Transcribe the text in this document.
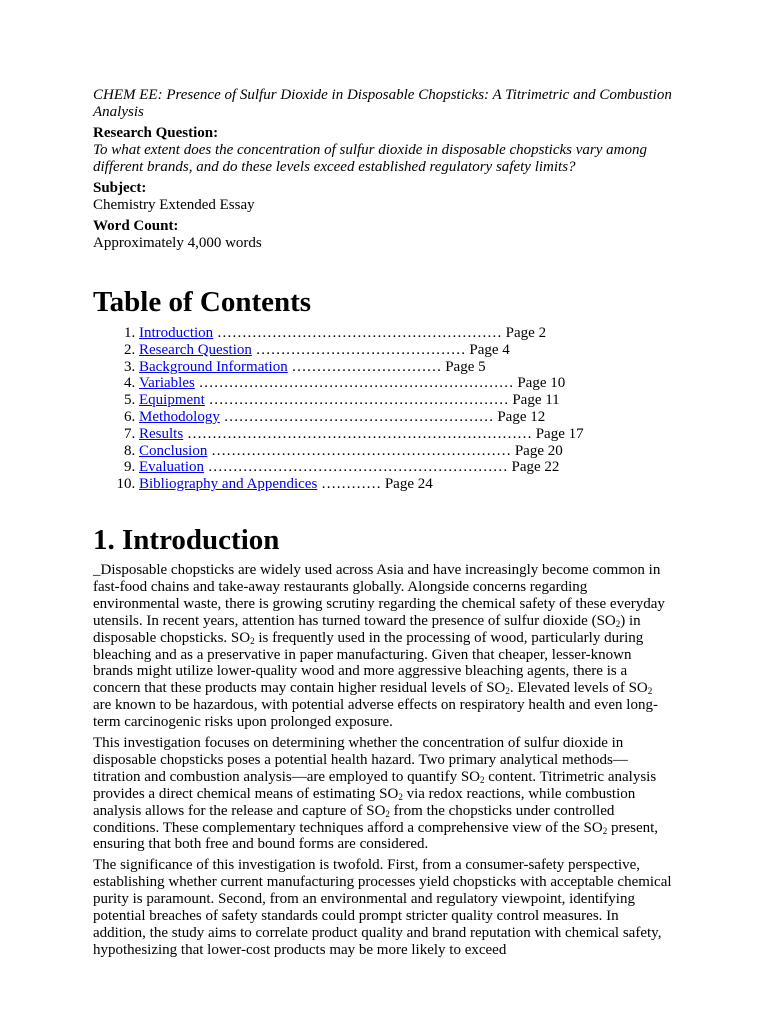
CHEM EE: Presence of Sulfur Dioxide in Disposable Chopsticks: A Titrimetric and Combustion Analysis
Research Question:
To what extent does the concentration of sulfur dioxide in disposable chopsticks vary among different brands, and do these levels exceed established regulatory safety limits?
Subject:
Chemistry Extended Essay
Word Count:
Approximately 4,000 words
Table of Contents
1. Introduction ………………………………………………… Page 2
2. Research Question …………………………………… Page 4
3. Background Information ………………………… Page 5
4. Variables ……………………………………………………… Page 10
5. Equipment …………………………………………………… Page 11
6. Methodology ……………………………………………… Page 12
7. Results …………………………………………………………… Page 17
8. Conclusion …………………………………………………… Page 20
9. Evaluation …………………………………………………… Page 22
10. Bibliography and Appendices ………… Page 24
1. Introduction

_Disposable chopsticks are widely used across Asia and have increasingly become common in fast-food chains and take-away restaurants globally. Alongside concerns regarding environmental waste, there is growing scrutiny regarding the chemical safety of these everyday utensils. In recent years, attention has turned toward the presence of sulfur dioxide $(SO_2)$ in disposable chopsticks. $SO_2$ is frequently used in the processing of wood, particularly during bleaching and as a preservative in paper manufacturing. Given that cheaper, lesser-known brands might utilize lower-quality wood and more aggressive bleaching agents, there is a concern that these products may contain higher residual levels of $SO_2$. Elevated levels of $SO_2$ are known to be hazardous, with potential adverse effects on respiratory health and even long-term carcinogenic risks upon prolonged exposure.

This investigation focuses on determining whether the concentration of sulfur dioxide in disposable chopsticks poses a potential health hazard. Two primary analytical methods—titration and combustion analysis—are employed to quantify $SO_2$ content. Titrimetric analysis provides a direct chemical means of estimating $SO_2$ via redox reactions, while combustion analysis allows for the release and capture of $SO_2$ from the chopsticks under controlled conditions. These complementary techniques afford a comprehensive view of the $SO_2$ present, ensuring that both free and bound forms are considered.

The significance of this investigation is twofold. First, from a consumer-safety perspective, establishing whether current manufacturing processes yield chopsticks with acceptable chemical purity is paramount. Second, from an environmental and regulatory viewpoint, identifying potential breaches of safety standards could prompt stricter quality control measures. In addition, the study aims to correlate product quality and brand reputation with chemical safety, hypothesizing that lower-cost products may be more likely to exceed
